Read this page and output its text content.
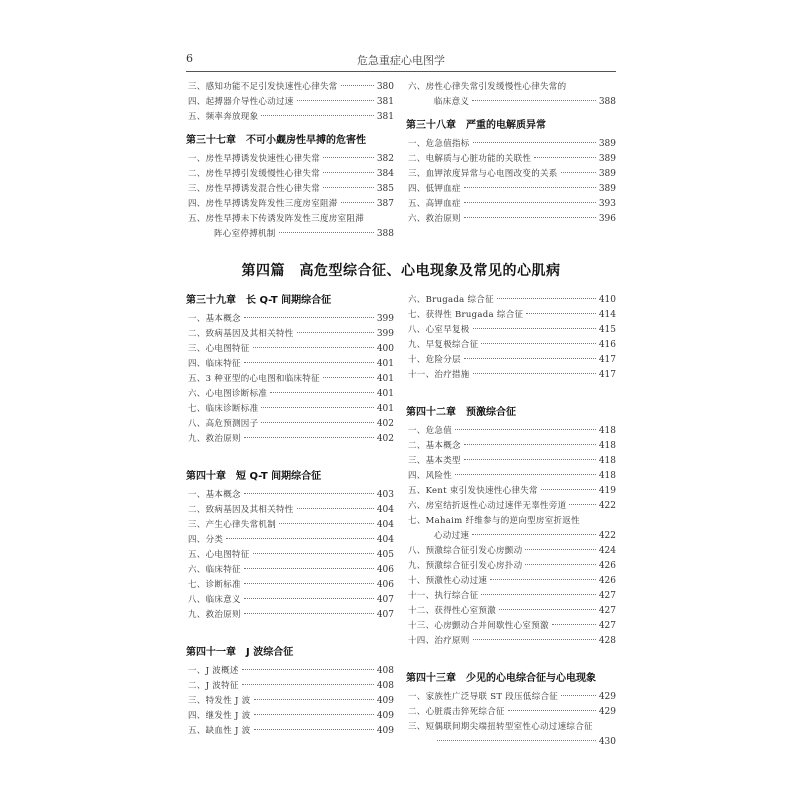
6	危急重症心电图学
三、感知功能不足引发快速性心律失常	380
四、起搏器介导性心动过速	381
五、频率奔放现象	381
第三十七章　不可小觑房性早搏的危害性
一、房性早搏诱发快速性心律失常	382
二、房性早搏引发缓慢性心律失常	384
三、房性早搏诱发混合性心律失常	385
四、房性早搏诱发阵发性三度房室阻滞	387
五、房性早搏未下传诱发阵发性三度房室阻滞
阵心室停搏机制	388
六、房性心律失常引发缓慢性心律失常的
临床意义	388
第三十八章　严重的电解质异常
一、危急值指标	389
二、电解质与心脏功能的关联性	389
三、血钾浓度异常与心电图改变的关系	389
四、低钾血症	389
五、高钾血症	393
六、救治原则	396
第四篇　高危型综合征、心电现象及常见的心肌病
第三十九章　长 Q-T 间期综合征
一、基本概念	399
二、致病基因及其相关特性	399
三、心电图特征	400
四、临床特征	401
五、3 种亚型的心电图和临床特征	401
六、心电图诊断标准	401
七、临床诊断标准	401
八、高危预测因子	402
九、救治原则	402
第四十章　短 Q-T 间期综合征
一、基本概念	403
二、致病基因及其相关特性	404
三、产生心律失常机制	404
四、分类	404
五、心电图特征	405
六、临床特征	406
七、诊断标准	406
八、临床意义	407
九、救治原则	407
第四十一章　J 波综合征
一、J 波概述	408
二、J 波特征	408
三、特发性 J 波	409
四、继发性 J 波	409
五、缺血性 J 波	409
六、Brugada 综合征	410
七、获得性 Brugada 综合征	414
八、心室早复极	415
九、早复极综合征	416
十、危险分层	417
十一、治疗措施	417
第四十二章　预激综合征
一、危急值	418
二、基本概念	418
三、基本类型	418
四、风险性	418
五、Kent 束引发快速性心律失常	419
六、房室结折返性心动过速伴无辜性旁道	422
七、Mahaim 纤维参与的逆向型房室折返性
心动过速	422
八、预激综合征引发心房颤动	424
九、预激综合征引发心房扑动	426
十、预激性心动过速	426
十一、执行综合征	427
十二、获得性心室预激	427
十三、心房颤动合并间歇性心室预激	427
十四、治疗原则	428
第四十三章　少见的心电综合征与心电现象
一、家族性广泛导联 ST 段压低综合征	429
二、心脏震击猝死综合征	429
三、短偶联间期尖端扭转型室性心动过速综合征
430
